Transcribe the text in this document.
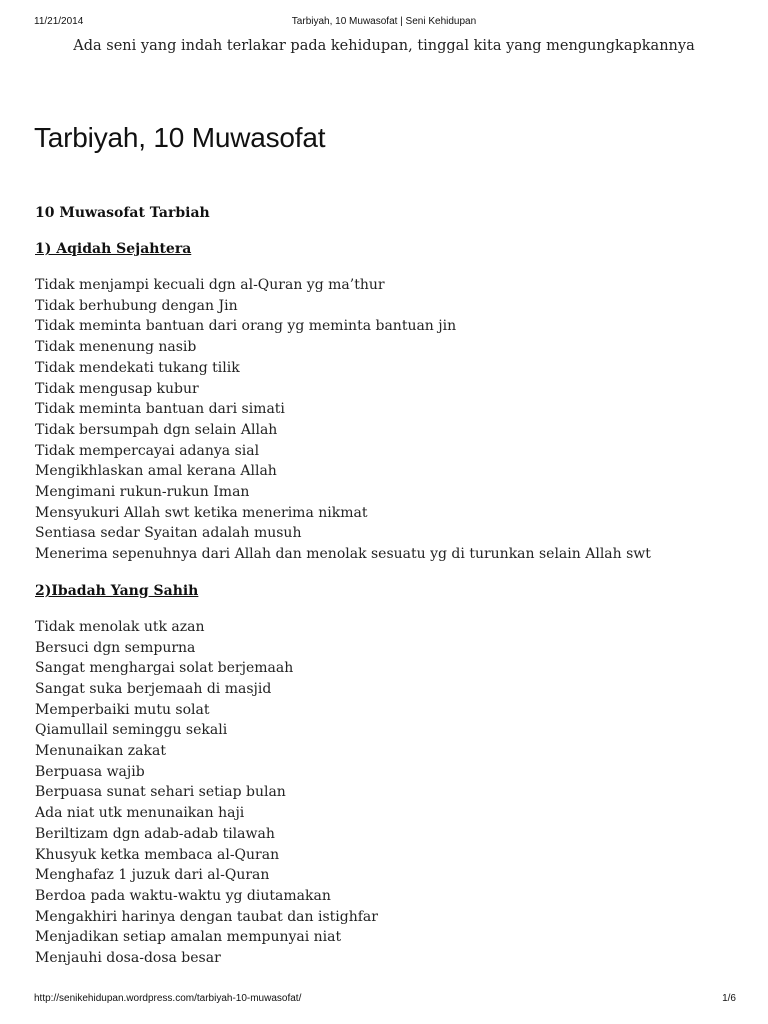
11/21/2014	Tarbiyah, 10 Muwasofat | Seni Kehidupan
Ada seni yang indah terlakar pada kehidupan, tinggal kita yang mengungkapkannya
Tarbiyah, 10 Muwasofat

10 Muwasofat Tarbiah

1) Aqidah Sejahtera

Tidak menjampi kecuali dgn al-Quran yg ma’thur
Tidak berhubung dengan Jin
Tidak meminta bantuan dari orang yg meminta bantuan jin
Tidak menenung nasib
Tidak mendekati tukang tilik
Tidak mengusap kubur
Tidak meminta bantuan dari simati
Tidak bersumpah dgn selain Allah
Tidak mempercayai adanya sial
Mengikhlaskan amal kerana Allah
Mengimani rukun-rukun Iman
Mensyukuri Allah swt ketika menerima nikmat
Sentiasa sedar Syaitan adalah musuh
Menerima sepenuhnya dari Allah dan menolak sesuatu yg di turunkan selain Allah swt

2)Ibadah Yang Sahih

Tidak menolak utk azan
Bersuci dgn sempurna
Sangat menghargai solat berjemaah
Sangat suka berjemaah di masjid
Memperbaiki mutu solat
Qiamullail seminggu sekali
Menunaikan zakat
Berpuasa wajib
Berpuasa sunat sehari setiap bulan
Ada niat utk menunaikan haji
Beriltizam dgn adab-adab tilawah
Khusyuk ketka membaca al-Quran
Menghafaz 1 juzuk dari al-Quran
Berdoa pada waktu-waktu yg diutamakan
Mengakhiri harinya dengan taubat dan istighfar
Menjadikan setiap amalan mempunyai niat
Menjauhi dosa-dosa besar
http://senikehidupan.wordpress.com/tarbiyah-10-muwasofat/	1/6
